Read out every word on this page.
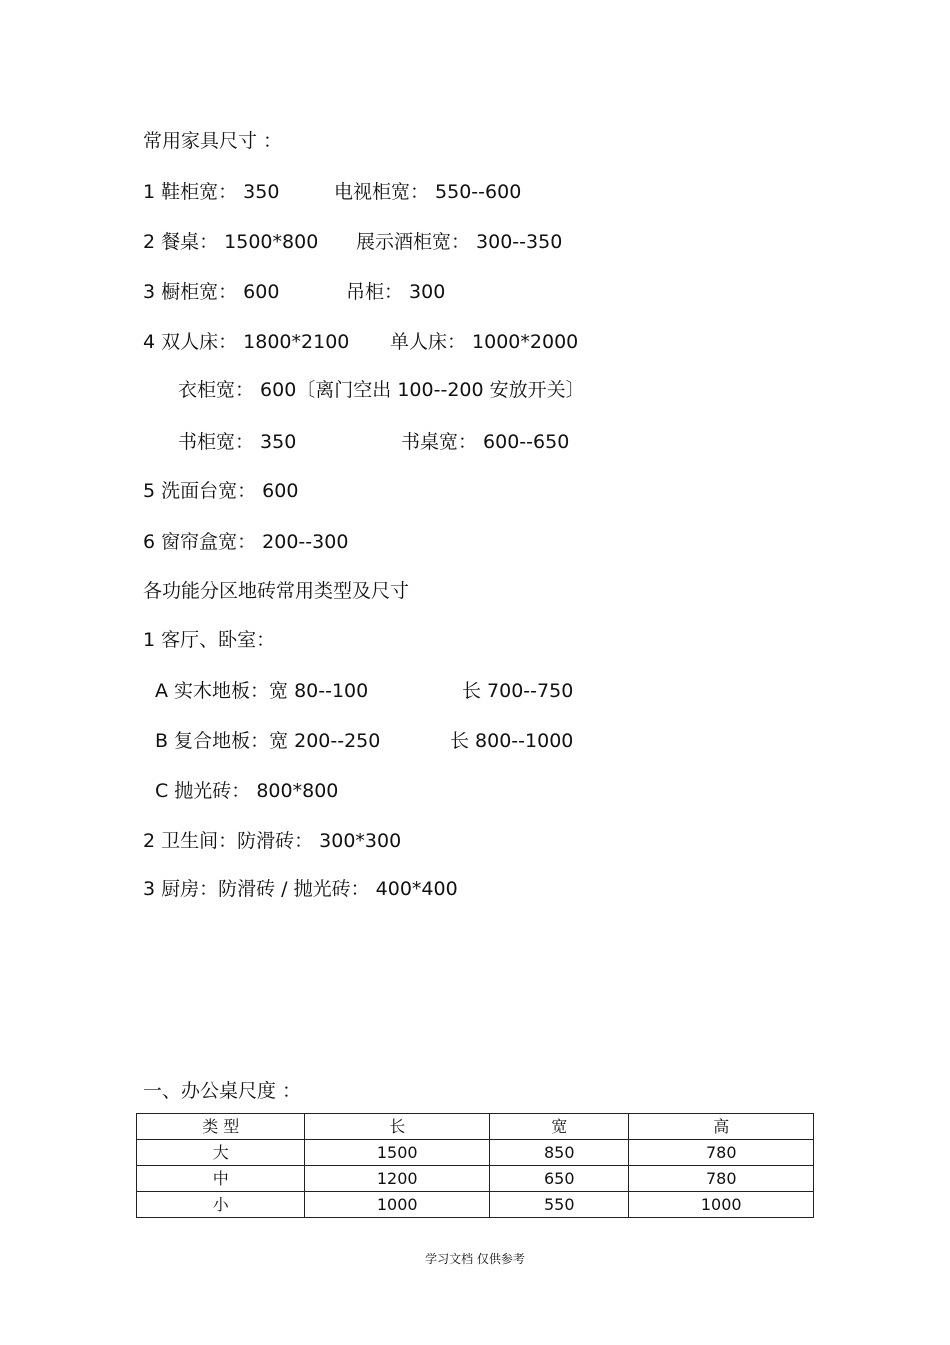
常用家具尺寸 ：
1 鞋柜宽： 350	电视柜宽： 550--600
2 餐桌： 1500*800 展示酒柜宽： 300--350
3 橱柜宽： 600	吊柜： 300
4 双人床： 1800*2100 单人床： 1000*2000
衣柜宽： 600〔离门空出 100--200 安放开关〕
书柜宽： 350	书桌宽： 600--650
5 洗面台宽： 600
6 窗帘盒宽： 200--300
各功能分区地砖常用类型及尺寸
1 客厅、卧室：
A 实木地板：宽 80--100	长 700--750
B 复合地板：宽 200--250	长 800--1000
C 抛光砖： 800*800
2 卫生间：防滑砖： 300*300
3 厨房：防滑砖 / 抛光砖： 400*400
一、办公桌尺度 ：
类 型	长	宽	高
大	1500	850	780
中	1200	650	780
小	1000	550	1000
学习文档 仅供参考
